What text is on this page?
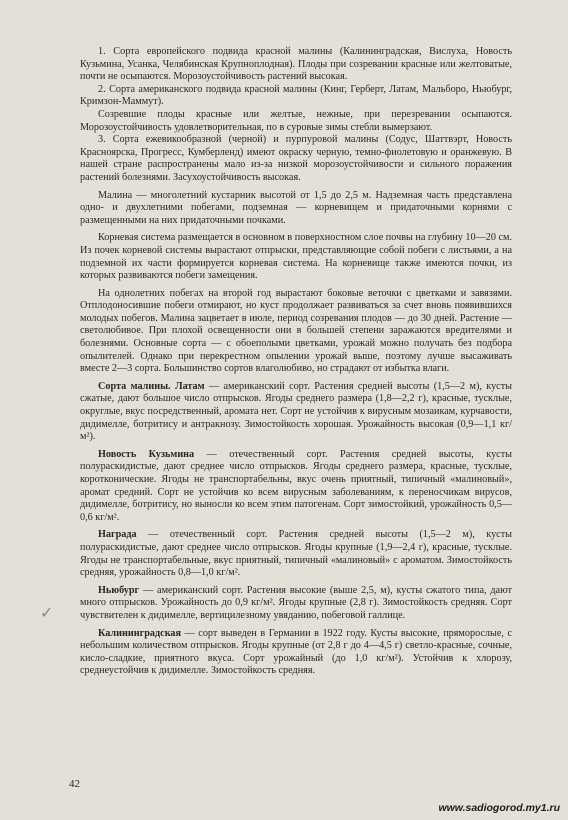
1. Сорта европейского подвида красной малины (Калининградская, Вислуха, Новость Кузьмина, Усанка, Челябинская Крупноплодная). Плоды при созревании красные или желтоватые, почти не осыпаются. Морозоустойчивость растений высокая.

2. Сорта американского подвида красной малины (Кинг, Герберт, Латам, Мальборо, Ньюбург, Кримзон-Маммут).

Созревшие плоды красные или желтые, нежные, при перезревании осыпаются. Морозоустойчивость удовлетворительная, по в суровые зимы стебли вымерзают.

3. Сорта ежевикообразной (черной) и пурпуровой малины (Содус, Шаттвэрт, Новость Красноярска, Прогресс, Кумберленд) имеют окраску черную, темно-фиолетовую и оранжевую. В нашей стране распространены мало из-за низкой морозоустойчивости и сильного поражения растений болезнями. Засухоустойчивость высокая.

Малина — многолетний кустарник высотой от 1,5 до 2,5 м. Надземная часть представлена одно- и двухлетними побегами, подземная — корневищем и придаточными корнями с размещенными на них придаточными почками.

Корневая система размещается в основном в поверхностном слое почвы на глубину 10—20 см. Из почек корневой системы вырастают отпрыски, представляющие собой побеги с листьями, а на подземной их части формируется корневая система. На корневище также имеются почки, из которых развиваются побеги замещения.

На однолетних побегах на второй год вырастают боковые веточки с цветками и завязями. Отплодоносившие побеги отмирают, но куст продолжает развиваться за счет вновь появившихся молодых побегов. Малина зацветает в июле, период созревания плодов — до 30 дней. Растение — светолюбивое. При плохой освещенности они в большей степени заражаются вредителями и болезнями. Основные сорта — с обоеполыми цветками, урожай можно получать без подбора опылителей. Однако при перекрестном опылении урожай выше, поэтому лучше высаживать вместе 2—3 сорта. Большинство сортов влаголюбиво, но страдают от избытка влаги.

Сорта малины. Латам — американский сорт. Растения средней высоты (1,5—2 м), кусты сжатые, дают большое число отпрысков. Ягоды среднего размера (1,8—2,2 г), красные, тусклые, округлые, вкус посредственный, аромата нет. Сорт не устойчив к вирусным мозаикам, курчавости, дидимелле, ботритиcу и антракнозу. Зимостойкость хорошая. Урожайность высокая (0,9—1,1 кг/м²).

Новость Кузьмина — отечественный сорт. Растения средней высоты, кусты полураскидистые, дают среднее число отпрысков. Ягоды среднего размера, красные, тусклые, коротконические. Ягоды не транспортабельны, вкус очень приятный, типичный «малиновый», аромат средний. Сорт не устойчив ко всем вирусным заболеваниям, к переносчикам вирусов, дидимелле, ботритиcу, но выносли ко всем этим патогенам. Сорт зимостойкий, урожайность 0,5—0,6 кг/м².

Награда — отечественный сорт. Растения средней высоты (1,5—2 м), кусты полураскидистые, дают среднее число отпрысков. Ягоды крупные (1,9—2,4 г), красные, тусклые. Ягоды не транспортабельные, вкус приятный, типичный «малиновый» с ароматом. Зимостойкость средняя, урожайность 0,8—1,0 кг/м².

Ньюбург — американский сорт. Растения высокие (выше 2,5, м), кусты сжатого типа, дают много отпрысков. Урожайность до 0,9 кг/м². Ягоды крупные (2,8 г). Зимостойкость средняя. Сорт чувствителен к дидимелле, вертицилезному увяданию, побеговой галлице.

Калининградская — сорт выведен в Германии в 1922 году. Кусты высокие, пряморослые, с небольшим количеством отпрысков. Ягоды крупные (от 2,8 г до 4—4,5 г) светло-красные, сочные, кисло-сладкие, приятного вкуса. Сорт урожайный (до 1,0 кг/м²). Устойчив к хлорозу, среднеустойчив к дидимелле. Зимостойкость средняя.

✓
42
www.sadiogorod.my1.ru
